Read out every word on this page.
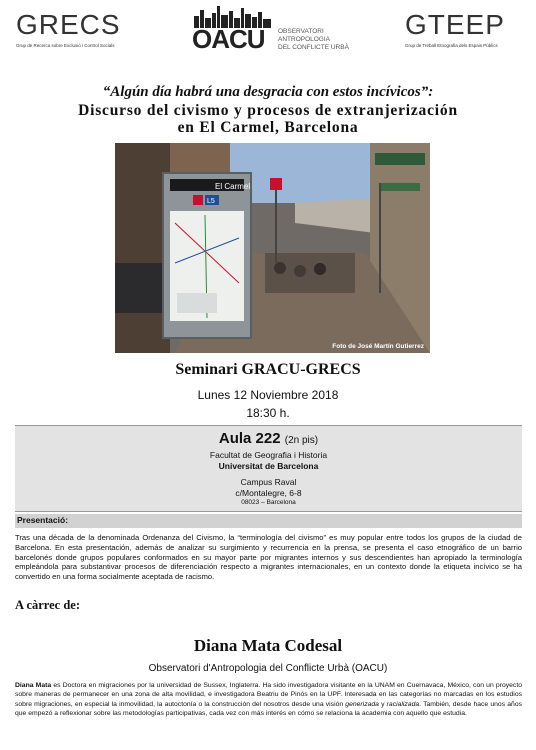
GRECS
Grup de Recerca sobre Exclusió i Control Socials	OACU OBSERVATORI
ANTROPOLOGIA
DEL CONFLICTE URBÀ
GTEEP
Grup de Treball Etnografia dels Espais Públics
“Algún día habrá una desgracia con estos incívicos”:
Discurso del civismo y procesos de extranjerización
en El Carmel, Barcelona
El Carmel
L5
Foto de José Martín Gutierrez
Seminari GRACU-GRECS
Lunes 12 Noviembre 2018
18:30 h.
Aula 222 (2n pis)
Facultat de Geografia i Historia
Universitat de Barcelona
Campus Raval
c/Montalegre, 6-8
08023 – Barcelona
Presentació:
Tras una década de la denominada Ordenanza del Civismo, la “terminología del civismo” es muy popular entre todos los grupos de la ciudad de Barcelona. En esta presentación, además de analizar su surgimiento y recurrencia en la prensa, se presenta el caso etnográfico de un barrio barcelonés donde grupos populares conformados en su mayor parte por migrantes internos y sus descendientes han apropiado la terminología empleándola para substantivar procesos de diferenciación respecto a migrantes internacionales, en un contexto donde la etiqueta incívico se ha convertido en una forma socialmente aceptada de racismo.
A càrrec de:
Diana Mata Codesal
Observatori d'Antropologia del Conflicte Urbà (OACU)
Diana Mata es Doctora en migraciones por la universidad de Sussex, Inglaterra. Ha sido investigadora visitante en la UNAM en Cuernavaca, México, con un proyecto sobre maneras de permanecer en una zona de alta movilidad, e investigadora Beatriu de Pinós en la UPF. Interesada en las categorías no marcadas en los estudios sobre migraciones, en especial la inmovilidad, la autoctonía o la construcción del nosotros desde una visión generizada y racializada. También, desde hace unos años que empezó a reflexionar sobre las metodologías participativas, cada vez con más interés en cómo se relaciona la academia con aquello que estudia.
